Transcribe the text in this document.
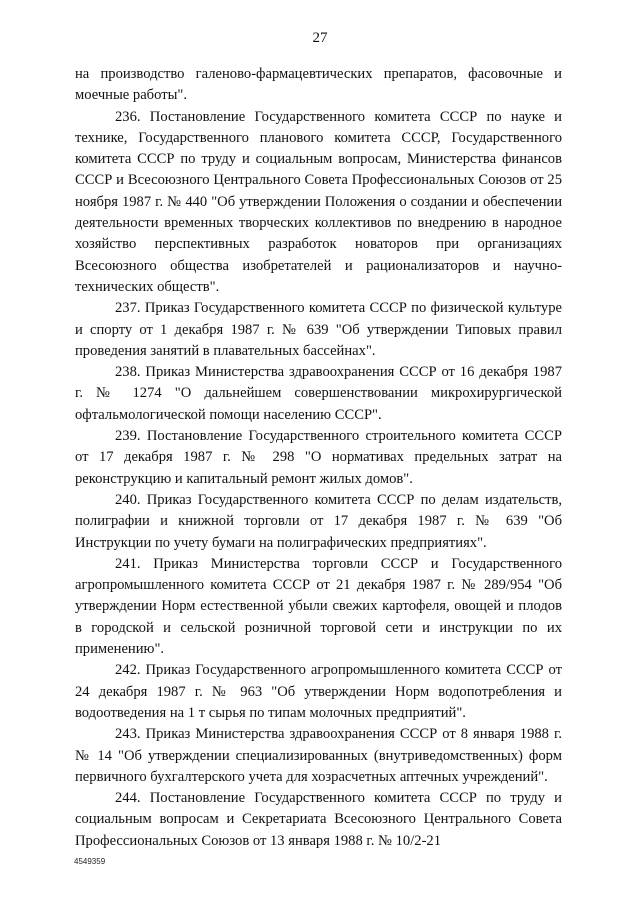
27

на производство галеново-фармацевтических препаратов, фасовочные и моечные работы".

236. Постановление Государственного комитета СССР по науке и технике, Государственного планового комитета СССР, Государственного комитета СССР по труду и социальным вопросам, Министерства финансов СССР и Всесоюзного Центрального Совета Профессиональных Союзов от 25 ноября 1987 г. № 440 "Об утверждении Положения о создании и обеспечении деятельности временных творческих коллективов по внедрению в народное хозяйство перспективных разработок новаторов при организациях Всесоюзного общества изобретателей и рационализаторов и научно-технических обществ".

237. Приказ Государственного комитета СССР по физической культуре и спорту от 1 декабря 1987 г. № 639 "Об утверждении Типовых правил проведения занятий в плавательных бассейнах".

238. Приказ Министерства здравоохранения СССР от 16 декабря 1987 г. № 1274 "О дальнейшем совершенствовании микрохирургической офтальмологической помощи населению СССР".

239. Постановление Государственного строительного комитета СССР от 17 декабря 1987 г. № 298 "О нормативах предельных затрат на реконструкцию и капитальный ремонт жилых домов".

240. Приказ Государственного комитета СССР по делам издательств, полиграфии и книжной торговли от 17 декабря 1987 г. № 639 "Об Инструкции по учету бумаги на полиграфических предприятиях".

241. Приказ Министерства торговли СССР и Государственного агропромышленного комитета СССР от 21 декабря 1987 г. № 289/954 "Об утверждении Норм естественной убыли свежих картофеля, овощей и плодов в городской и сельской розничной торговой сети и инструкции по их применению".

242. Приказ Государственного агропромышленного комитета СССР от 24 декабря 1987 г. № 963 "Об утверждении Норм водопотребления и водоотведения на 1 т сырья по типам молочных предприятий".

243. Приказ Министерства здравоохранения СССР от 8 января 1988 г. № 14 "Об утверждении специализированных (внутриведомственных) форм первичного бухгалтерского учета для хозрасчетных аптечных учреждений".

244. Постановление Государственного комитета СССР по труду и социальным вопросам и Секретариата Всесоюзного Центрального Совета Профессиональных Союзов от 13 января 1988 г. № 10/2-21

4549359
